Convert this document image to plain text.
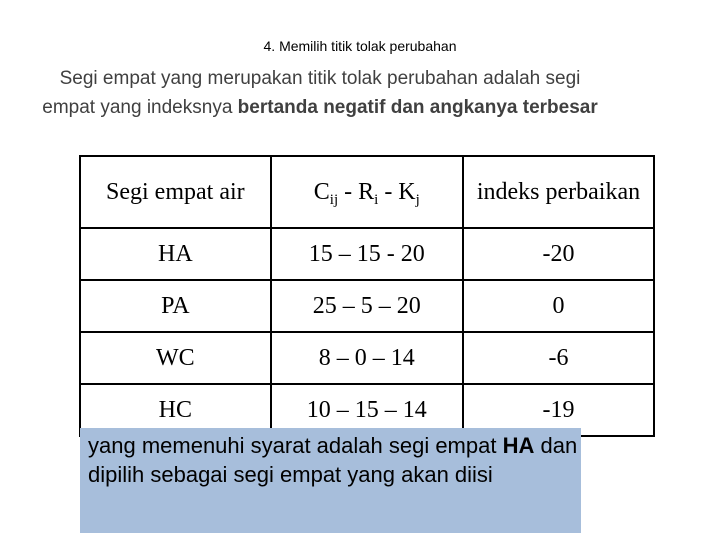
4. Memilih titik tolak perubahan
Segi empat yang merupakan titik tolak perubahan adalah segi empat yang indeksnya bertanda negatif dan angkanya terbesar
Segi empat air	$C_{ij} - R_i - K_j$	indeks perbaikan
HA	15 – 15 - 20	-20
PA	25 – 5 – 20	0
WC	8 – 0 – 14	-6
HC	10 – 15 – 14	-19
yang memenuhi syarat adalah segi empat HA dan dipilih sebagai segi empat yang akan diisi
